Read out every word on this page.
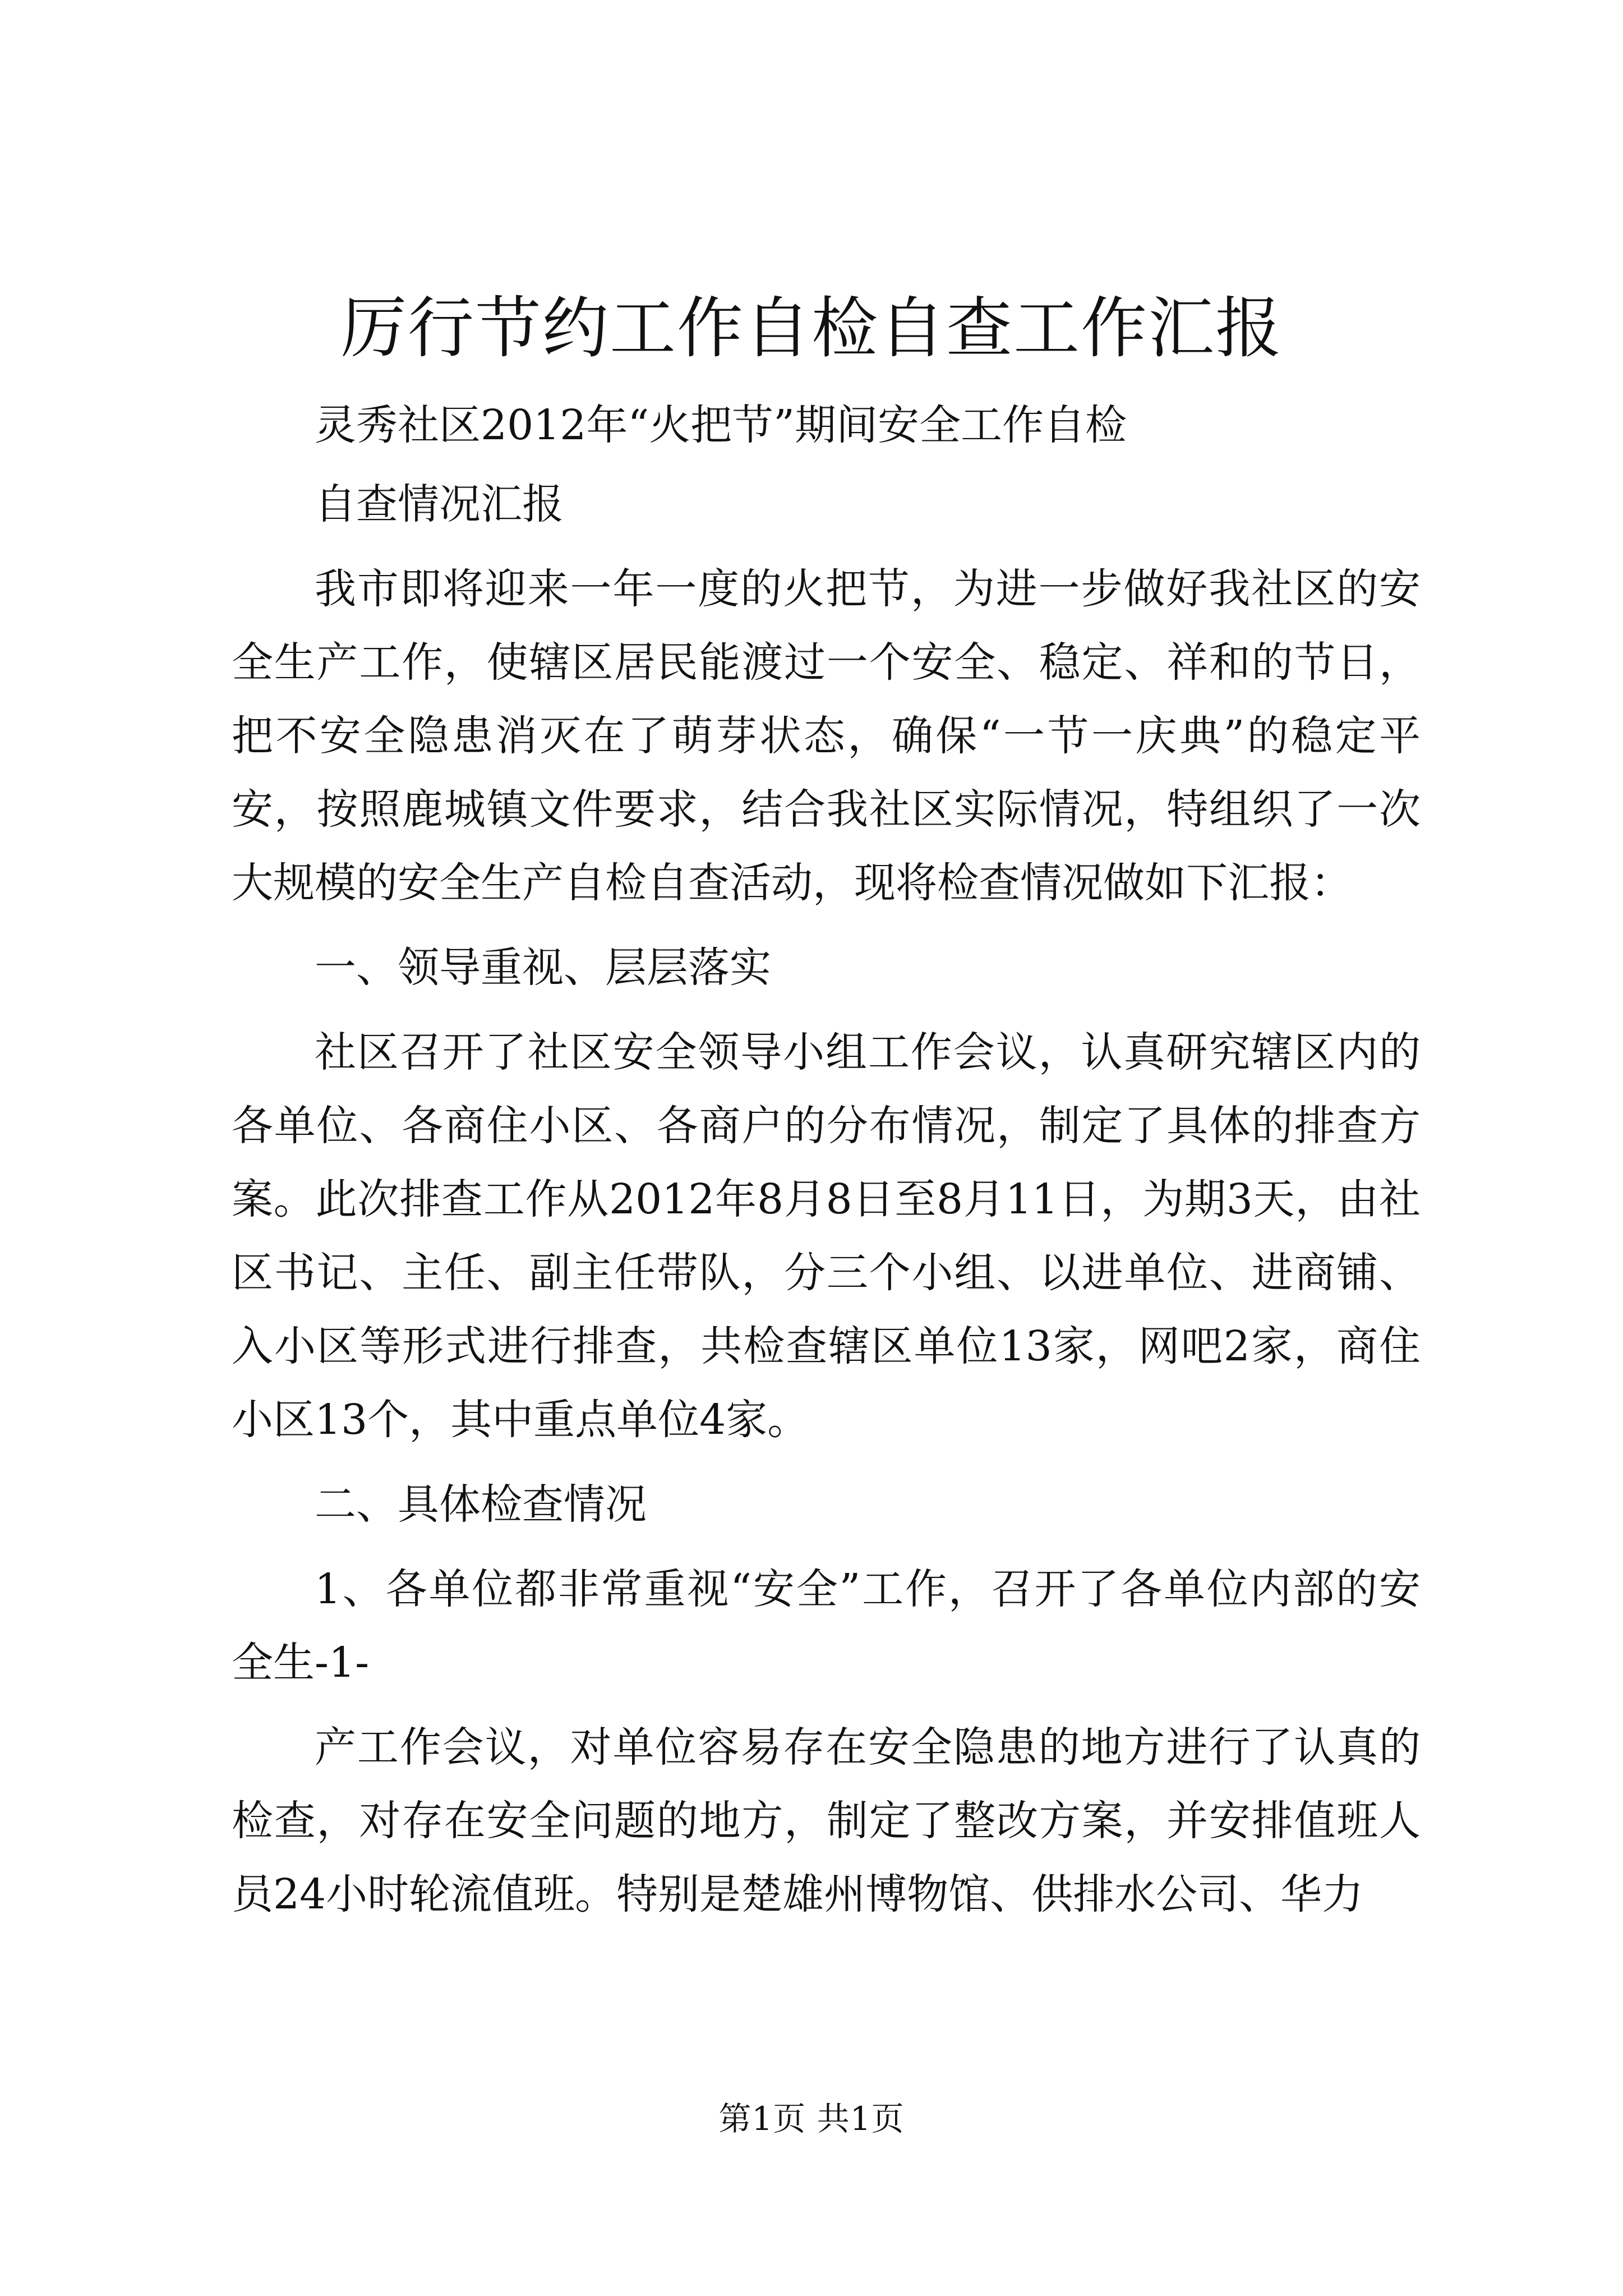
厉行节约工作自检自查工作汇报

灵秀社区2012年“火把节”期间安全工作自检

自查情况汇报

我市即将迎来一年一度的火把节，为进一步做好我社区的安全生产工作，使辖区居民能渡过一个安全、稳定、祥和的节日，把不安全隐患消灭在了萌芽状态，确保“一节一庆典”的稳定平安，按照鹿城镇文件要求，结合我社区实际情况，特组织了一次大规模的安全生产自检自查活动，现将检查情况做如下汇报：

一、领导重视、层层落实

社区召开了社区安全领导小组工作会议，认真研究辖区内的各单位、各商住小区、各商户的分布情况，制定了具体的排查方案。此次排查工作从2012年8月8日至8月11日，为期3天，由社区书记、主任、副主任带队，分三个小组、以进单位、进商铺、入小区等形式进行排查，共检查辖区单位13家，网吧2家，商住小区13个，其中重点单位4家。

二、具体检查情况

1、各单位都非常重视“安全”工作，召开了各单位内部的安全生-1-

产工作会议，对单位容易存在安全隐患的地方进行了认真的检查，对存在安全问题的地方，制定了整改方案，并安排值班人员24小时轮流值班。特别是楚雄州博物馆、供排水公司、华力

第1页 共1页
